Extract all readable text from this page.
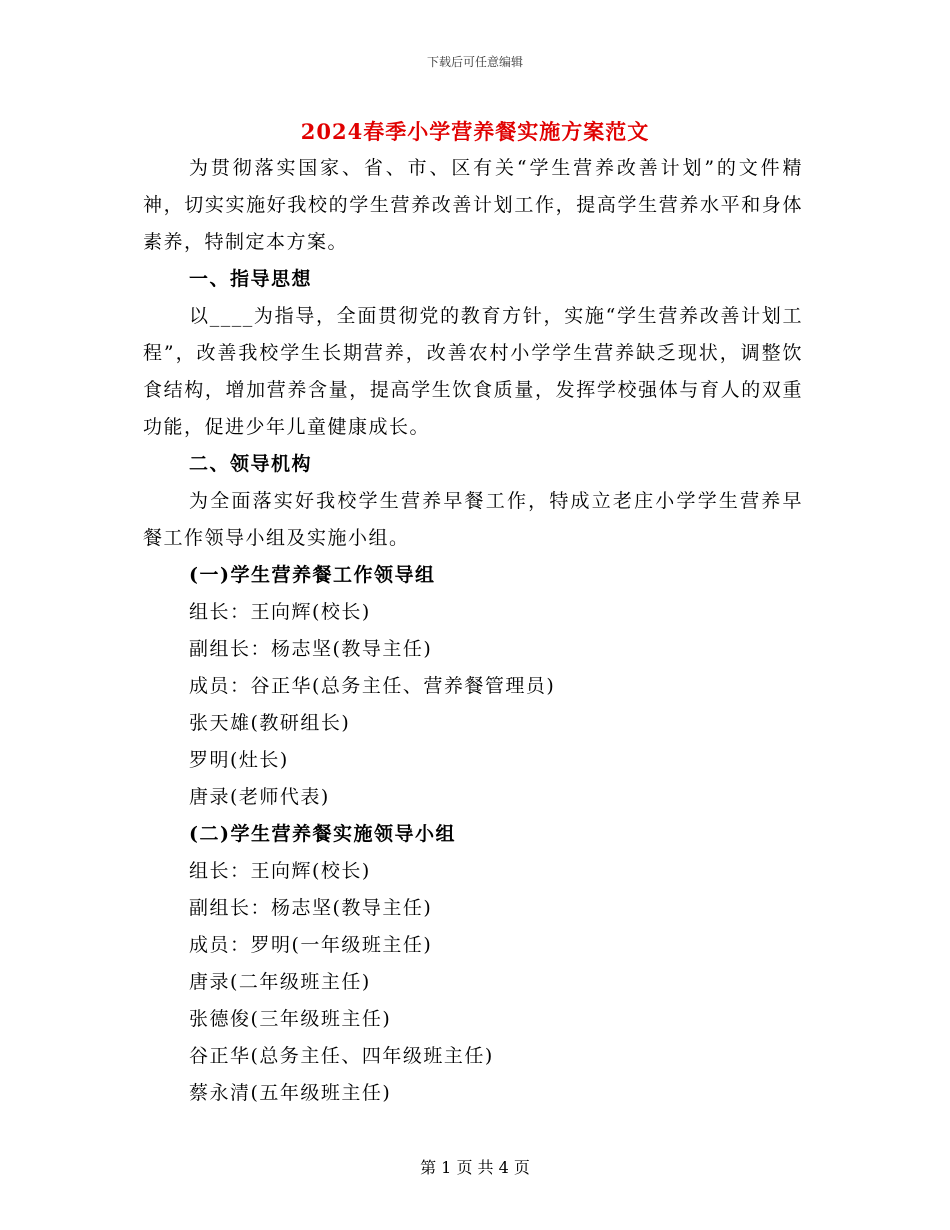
下载后可任意编辑
2024春季小学营养餐实施方案范文

为贯彻落实国家、省、市、区有关“学生营养改善计划”的文件精神，切实实施好我校的学生营养改善计划工作，提高学生营养水平和身体素养，特制定本方案。

一、指导思想

以____为指导，全面贯彻党的教育方针，实施“学生营养改善计划工程”，改善我校学生长期营养，改善农村小学学生营养缺乏现状，调整饮食结构，增加营养含量，提高学生饮食质量，发挥学校强体与育人的双重功能，促进少年儿童健康成长。

二、领导机构

为全面落实好我校学生营养早餐工作，特成立老庄小学学生营养早餐工作领导小组及实施小组。

(一)学生营养餐工作领导组

组长：王向辉(校长)

副组长：杨志坚(教导主任)

成员：谷正华(总务主任、营养餐管理员)

张天雄(教研组长)

罗明(灶长)

唐录(老师代表)

(二)学生营养餐实施领导小组

组长：王向辉(校长)

副组长：杨志坚(教导主任)

成员：罗明(一年级班主任)

唐录(二年级班主任)

张德俊(三年级班主任)

谷正华(总务主任、四年级班主任)

蔡永清(五年级班主任)

第 1 页 共 4 页
